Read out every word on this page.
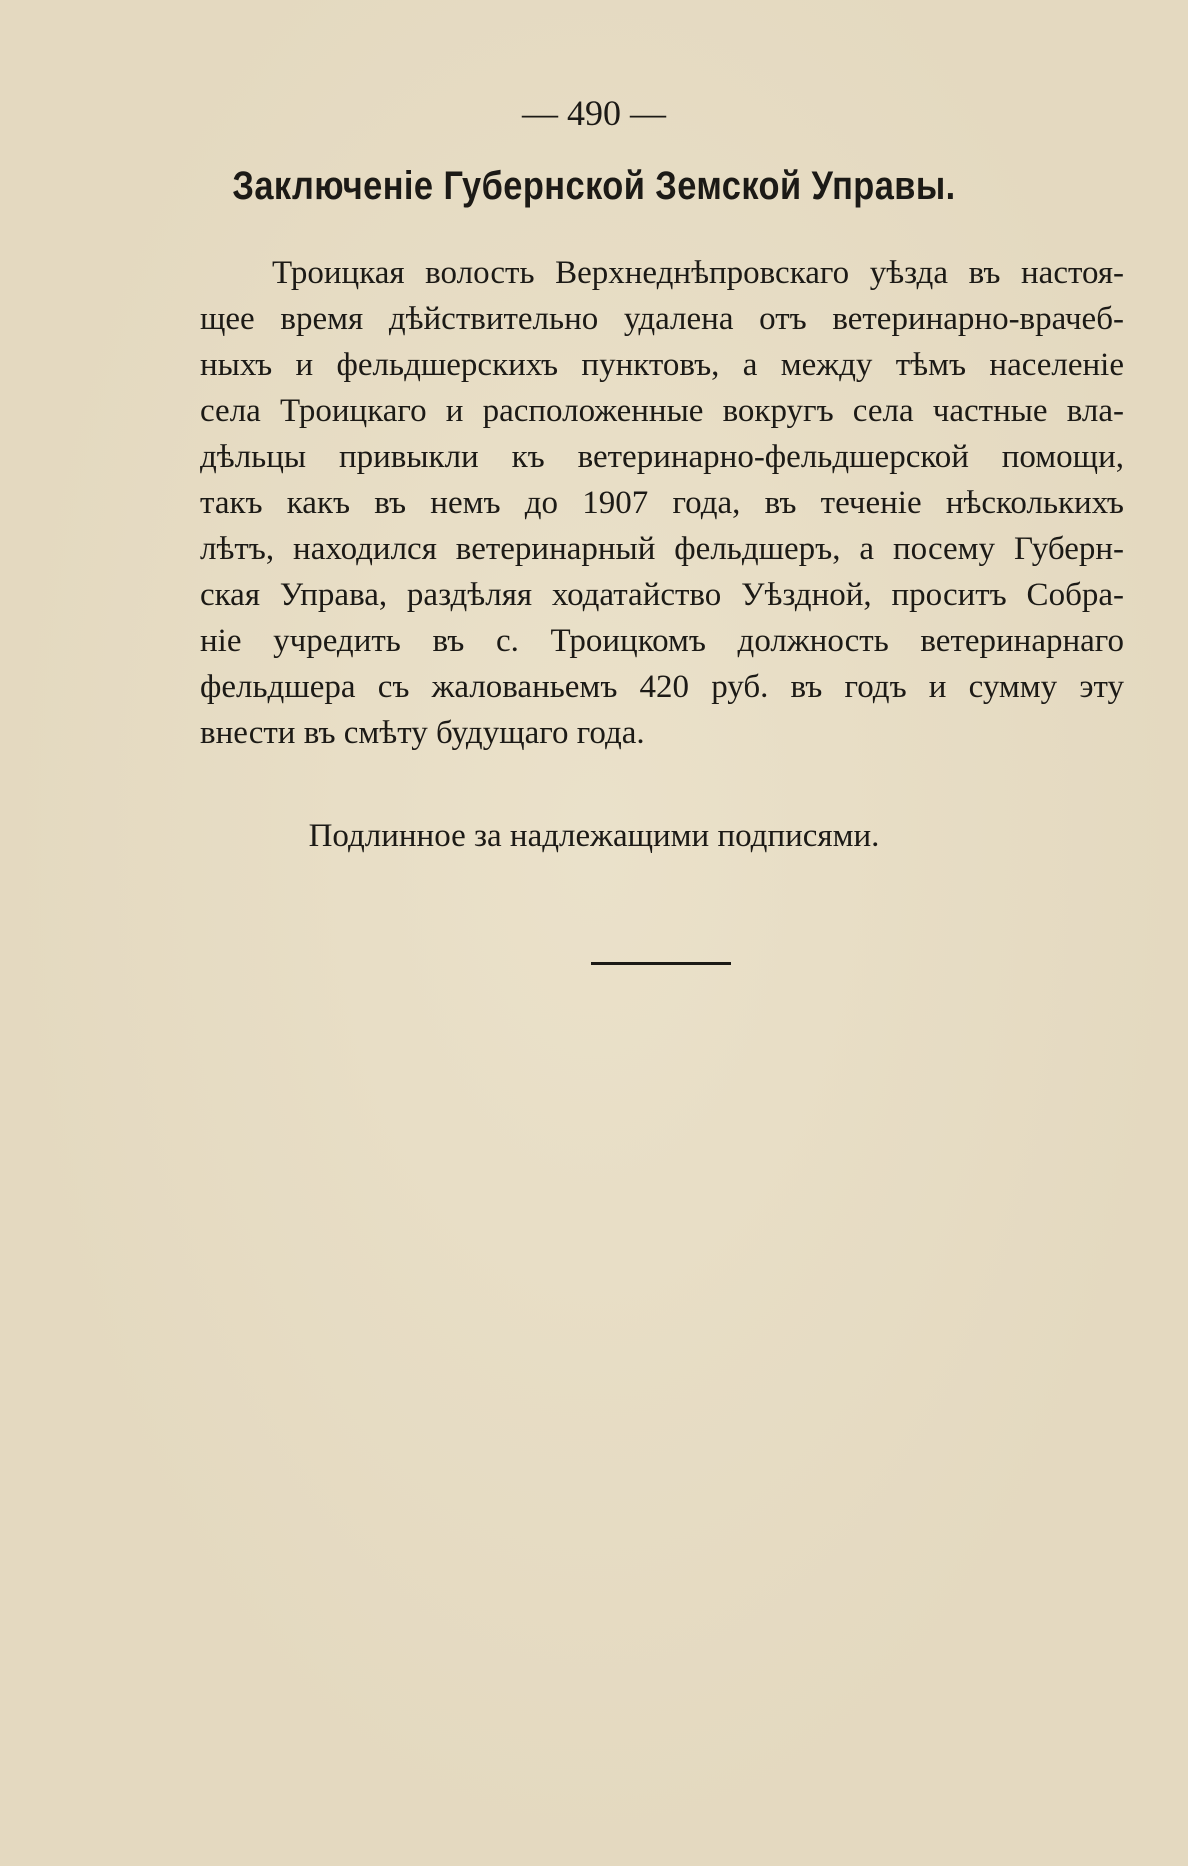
— 490 —
Заключеніе Губернской Земской Управы.
Троицкая волость Верхнеднѣпровскаго уѣзда въ настоя-
щее время дѣйствительно удалена отъ ветеринарно-врачеб-
ныхъ и фельдшерскихъ пунктовъ, а между тѣмъ населеніе
села Троицкаго и расположенные вокругъ села частные вла-
дѣльцы привыкли къ ветеринарно-фельдшерской помощи,
такъ какъ въ немъ до 1907 года, въ теченіе нѣсколькихъ
лѣтъ, находился ветеринарный фельдшеръ, а посему Губерн-
ская Управа, раздѣляя ходатайство Уѣздной, проситъ Собра-
ніе учредить въ с. Троицкомъ должность ветеринарнаго
фельдшера съ жалованьемъ 420 руб. въ годъ и сумму эту
внести въ смѣту будущаго года.
Подлинное за надлежащими подписями.
